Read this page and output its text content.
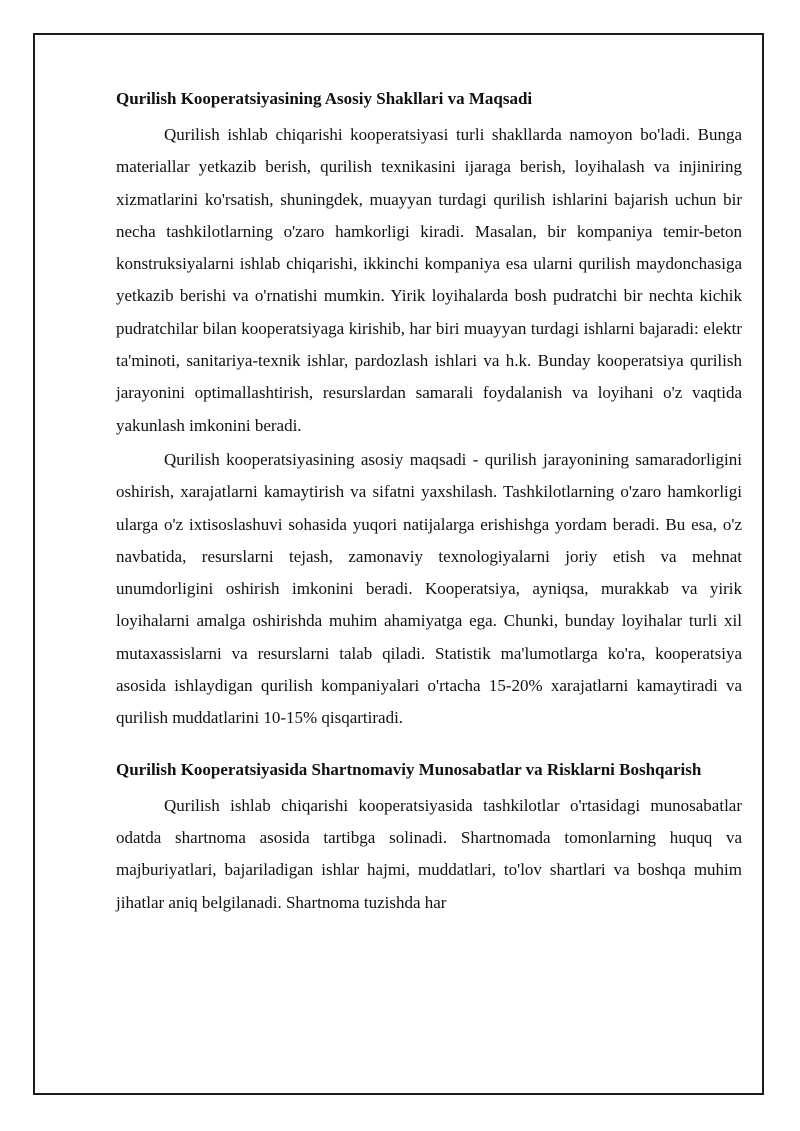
Qurilish Kooperatsiyasining Asosiy Shakllari va Maqsadi

Qurilish ishlab chiqarishi kooperatsiyasi turli shakllarda namoyon bo'ladi. Bunga materiallar yetkazib berish, qurilish texnikasini ijaraga berish, loyihalash va injiniring xizmatlarini ko'rsatish, shuningdek, muayyan turdagi qurilish ishlarini bajarish uchun bir necha tashkilotlarning o'zaro hamkorligi kiradi. Masalan, bir kompaniya temir-beton konstruksiyalarni ishlab chiqarishi, ikkinchi kompaniya esa ularni qurilish maydonchasiga yetkazib berishi va o'rnatishi mumkin. Yirik loyihalarda bosh pudratchi bir nechta kichik pudratchilar bilan kooperatsiyaga kirishib, har biri muayyan turdagi ishlarni bajaradi: elektr ta'minoti, sanitariya-texnik ishlar, pardozlash ishlari va h.k. Bunday kooperatsiya qurilish jarayonini optimallashtirish, resurslardan samarali foydalanish va loyihani o'z vaqtida yakunlash imkonini beradi.

Qurilish kooperatsiyasining asosiy maqsadi - qurilish jarayonining samaradorligini oshirish, xarajatlarni kamaytirish va sifatni yaxshilash. Tashkilotlarning o'zaro hamkorligi ularga o'z ixtisoslashuvi sohasida yuqori natijalarga erishishga yordam beradi. Bu esa, o'z navbatida, resurslarni tejash, zamonaviy texnologiyalarni joriy etish va mehnat unumdorligini oshirish imkonini beradi. Kooperatsiya, ayniqsa, murakkab va yirik loyihalarni amalga oshirishda muhim ahamiyatga ega. Chunki, bunday loyihalar turli xil mutaxassislarni va resurslarni talab qiladi. Statistik ma'lumotlarga ko'ra, kooperatsiya asosida ishlaydigan qurilish kompaniyalari o'rtacha 15-20% xarajatlarni kamaytiradi va qurilish muddatlarini 10-15% qisqartiradi.

Qurilish Kooperatsiyasida Shartnomaviy Munosabatlar va Risklarni Boshqarish

Qurilish ishlab chiqarishi kooperatsiyasida tashkilotlar o'rtasidagi munosabatlar odatda shartnoma asosida tartibga solinadi. Shartnomada tomonlarning huquq va majburiyatlari, bajariladigan ishlar hajmi, muddatlari, to'lov shartlari va boshqa muhim jihatlar aniq belgilanadi. Shartnoma tuzishda har
